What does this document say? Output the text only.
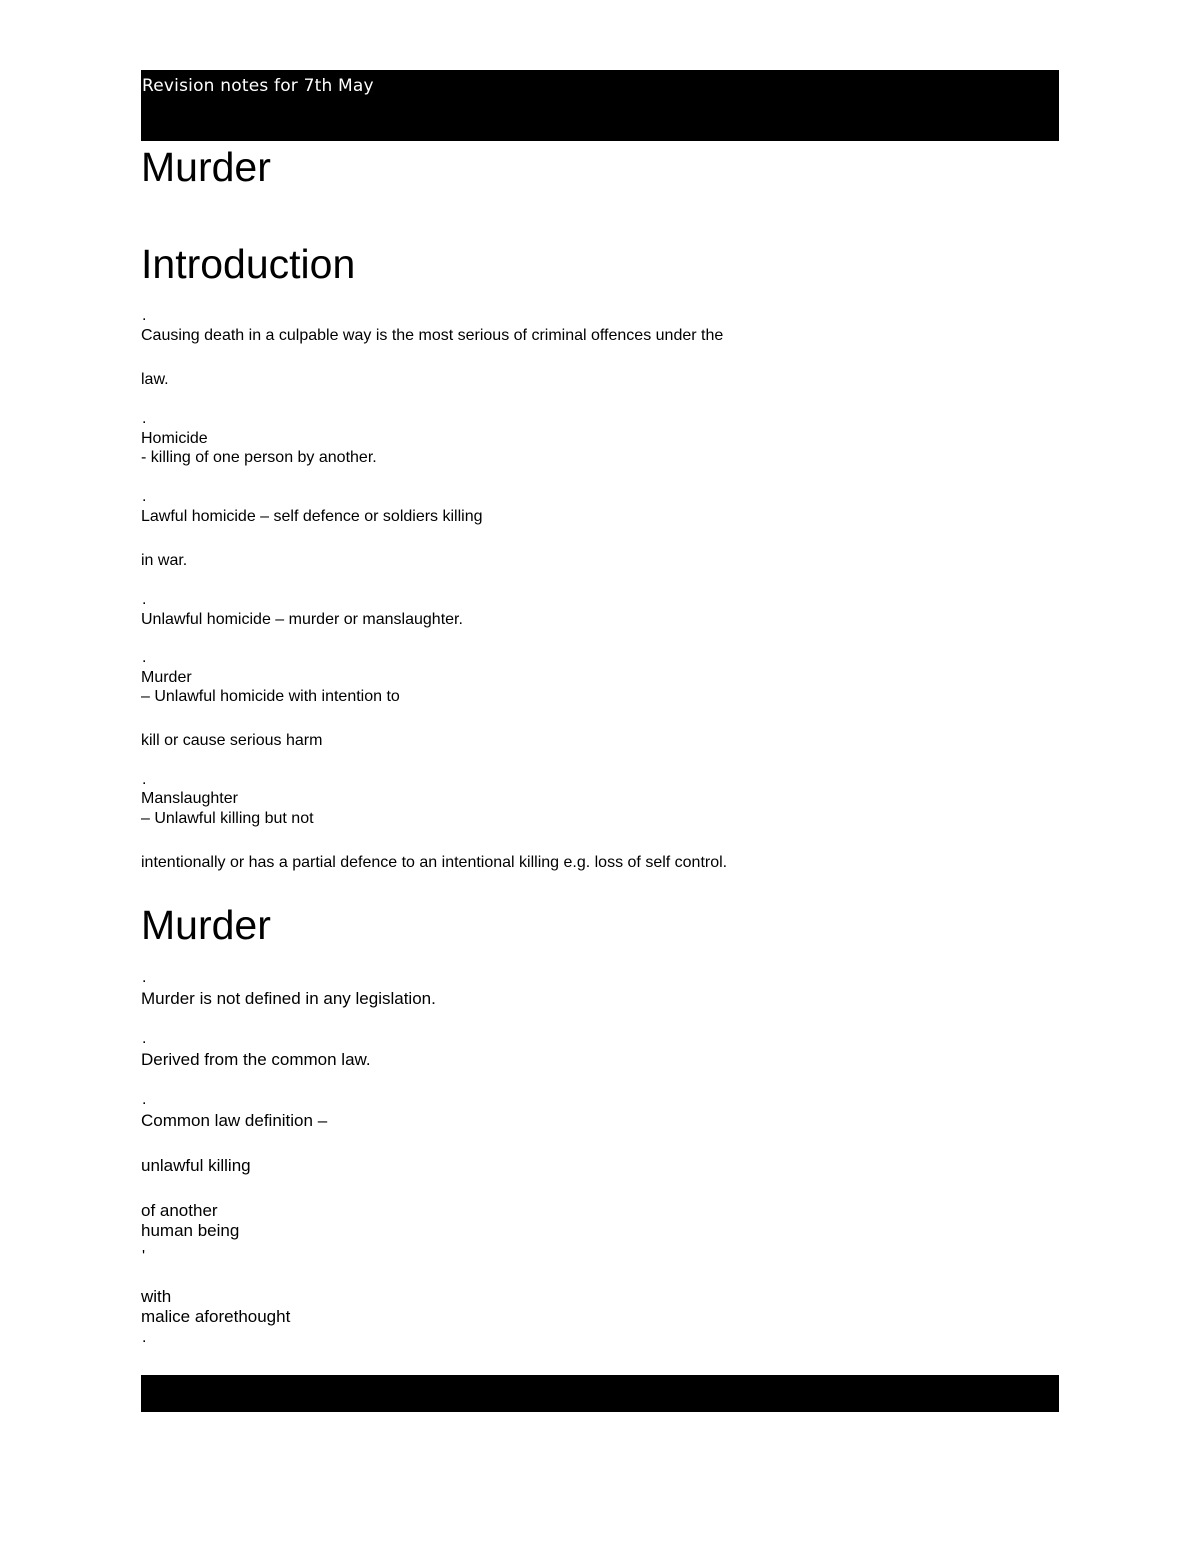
Revision notes for 7th May
Murder
Introduction
.
Causing death in a culpable way is the most serious of criminal offences under the
law.
.
Homicide
- killing of one person by another.
.
Lawful homicide – self defence or soldiers killing
in war.
.
Unlawful homicide – murder or manslaughter.
.
Murder
– Unlawful homicide with intention to
kill or cause serious harm
.
Manslaughter
– Unlawful killing but not
intentionally or has a partial defence to an intentional killing e.g. loss of self control.
Murder
.
Murder is not defined in any legislation.
.
Derived from the common law.
.
Common law definition –
unlawful killing
of another
human being
'
with
malice aforethought
.
